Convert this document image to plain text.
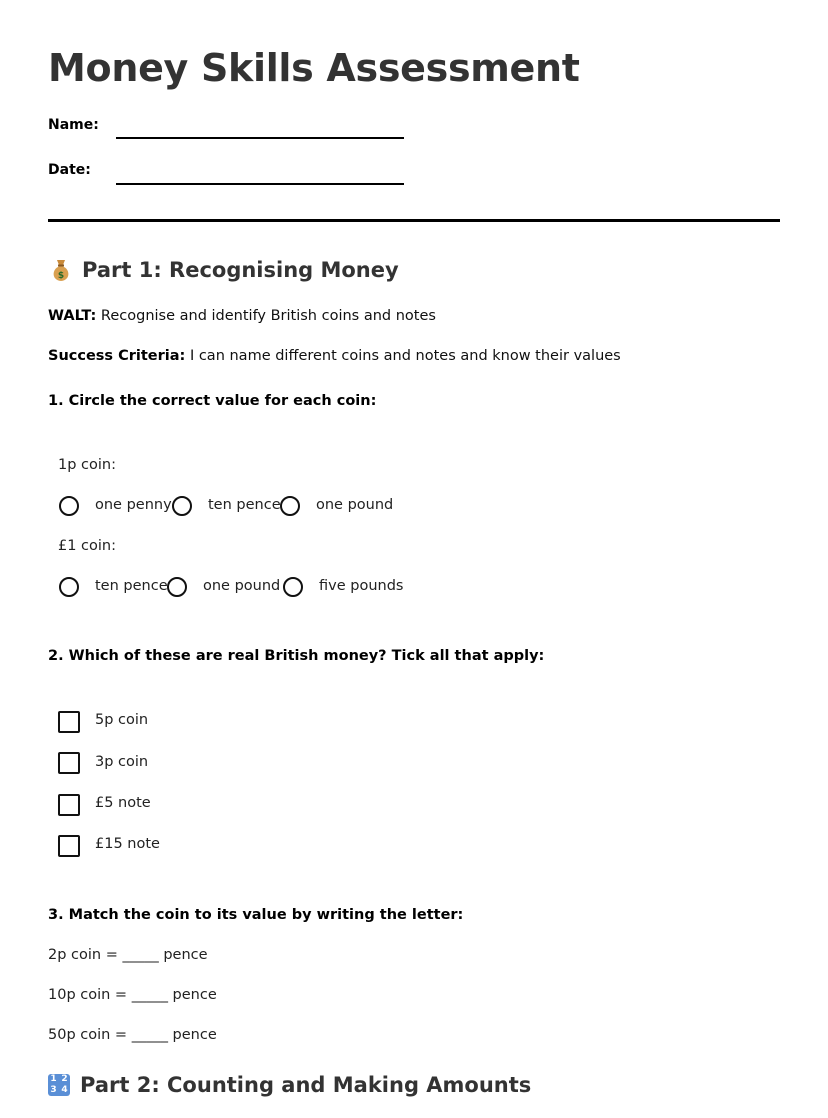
Money Skills Assessment
Name:
Date:
$ Part 1: Recognising Money
WALT: Recognise and identify British coins and notes
Success Criteria: I can name different coins and notes and know their values
1. Circle the correct value for each coin:
1p coin:
one penny	ten pence one pound
£1 coin:
ten pence one pound	five pounds
2. Which of these are real British money? Tick all that apply:
5p coin
3p coin
£5 note
£15 note
3. Match the coin to its value by writing the letter:
2p coin = _____ pence
10p coin = _____ pence
50p coin = _____ pence
1 2
3 4 Part 2: Counting and Making Amounts
